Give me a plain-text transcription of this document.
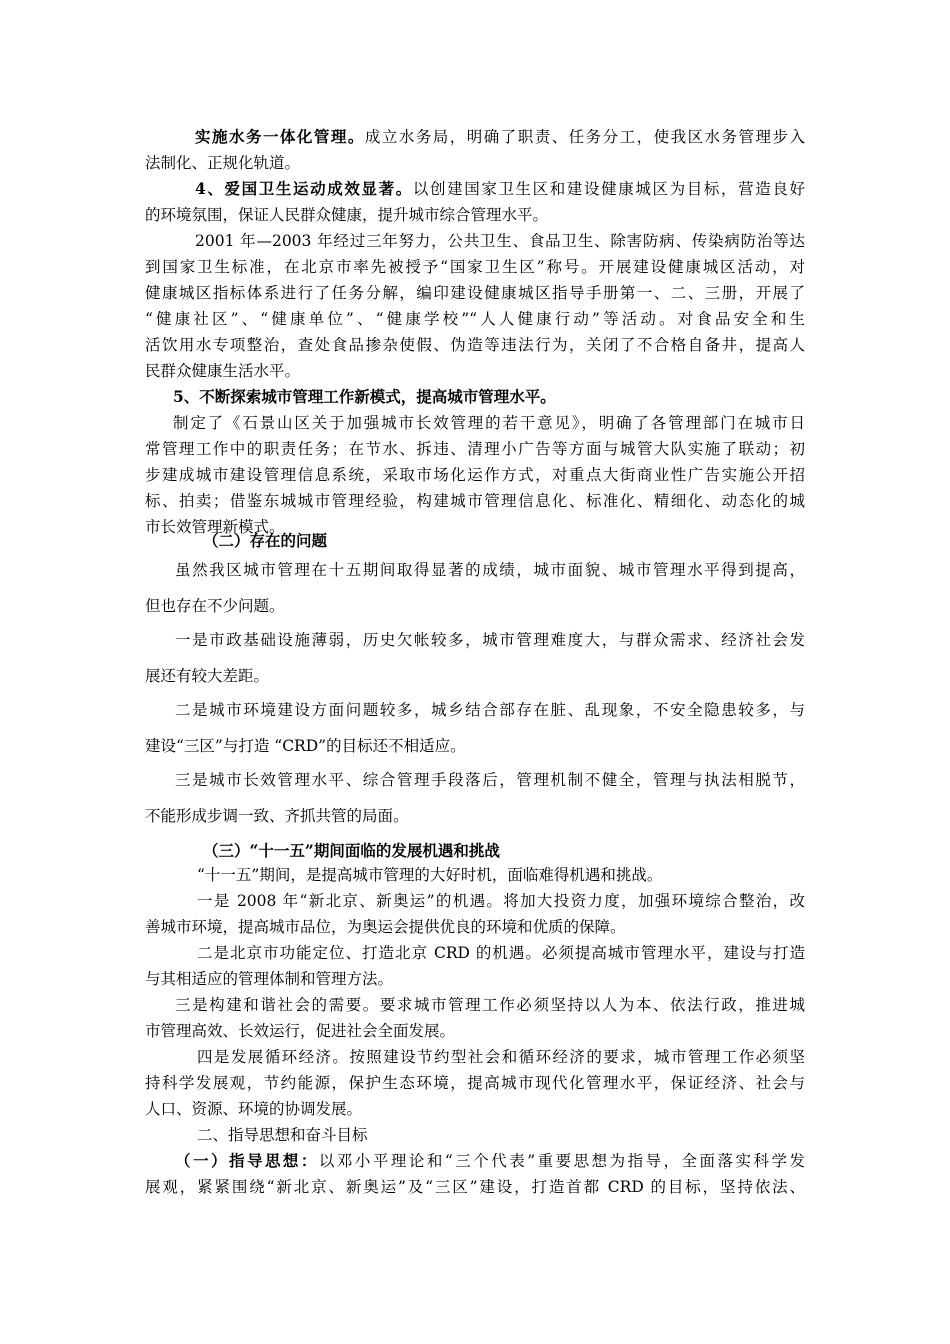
实施水务一体化管理。成立水务局，明确了职责、任务分工，使我区水务管理步入
法制化、正规化轨道。
4、爱国卫生运动成效显著。以创建国家卫生区和建设健康城区为目标，营造良好
的环境氛围，保证人民群众健康，提升城市综合管理水平。
2001 年—2003 年经过三年努力，公共卫生、食品卫生、除害防病、传染病防治等达
到国家卫生标准，在北京市率先被授予“国家卫生区”称号。开展建设健康城区活动，对
健康城区指标体系进行了任务分解，编印建设健康城区指导手册第一、二、三册，开展了
“健康社区”、“健康单位”、“健康学校”“人人健康行动”等活动。对食品安全和生
活饮用水专项整治，查处食品掺杂使假、伪造等违法行为，关闭了不合格自备井，提高人
民群众健康生活水平。
5、不断探索城市管理工作新模式，提高城市管理水平。
制定了《石景山区关于加强城市长效管理的若干意见》，明确了各管理部门在城市日
常管理工作中的职责任务；在节水、拆违、清理小广告等方面与城管大队实施了联动；初
步建成城市建设管理信息系统，采取市场化运作方式，对重点大街商业性广告实施公开招
标、拍卖；借鉴东城城市管理经验，构建城市管理信息化、标准化、精细化、动态化的城
市长效管理新模式。
（二）存在的问题
虽然我区城市管理在十五期间取得显著的成绩，城市面貌、城市管理水平得到提高，
但也存在不少问题。
一是市政基础设施薄弱，历史欠帐较多，城市管理难度大，与群众需求、经济社会发
展还有较大差距。
二是城市环境建设方面问题较多，城乡结合部存在脏、乱现象，不安全隐患较多，与
建设“三区”与打造 “CRD”的目标还不相适应。
三是城市长效管理水平、综合管理手段落后，管理机制不健全，管理与执法相脱节，
不能形成步调一致、齐抓共管的局面。
（三）“十一五”期间面临的发展机遇和挑战
“十一五”期间，是提高城市管理的大好时机，面临难得机遇和挑战。
一是 2008 年“新北京、新奥运”的机遇。将加大投资力度，加强环境综合整治，改
善城市环境，提高城市品位，为奥运会提供优良的环境和优质的保障。
二是北京市功能定位、打造北京 CRD 的机遇。必须提高城市管理水平，建设与打造
与其相适应的管理体制和管理方法。
三是构建和谐社会的需要。要求城市管理工作必须坚持以人为本、依法行政，推进城
市管理高效、长效运行，促进社会全面发展。
四是发展循环经济。按照建设节约型社会和循环经济的要求，城市管理工作必须坚
持科学发展观，节约能源，保护生态环境，提高城市现代化管理水平，保证经济、社会与
人口、资源、环境的协调发展。
二、指导思想和奋斗目标
（一）指导思想：以邓小平理论和“三个代表”重要思想为指导，全面落实科学发
展观，紧紧围绕“新北京、新奥运”及“三区”建设，打造首都 CRD 的目标，坚持依法、
